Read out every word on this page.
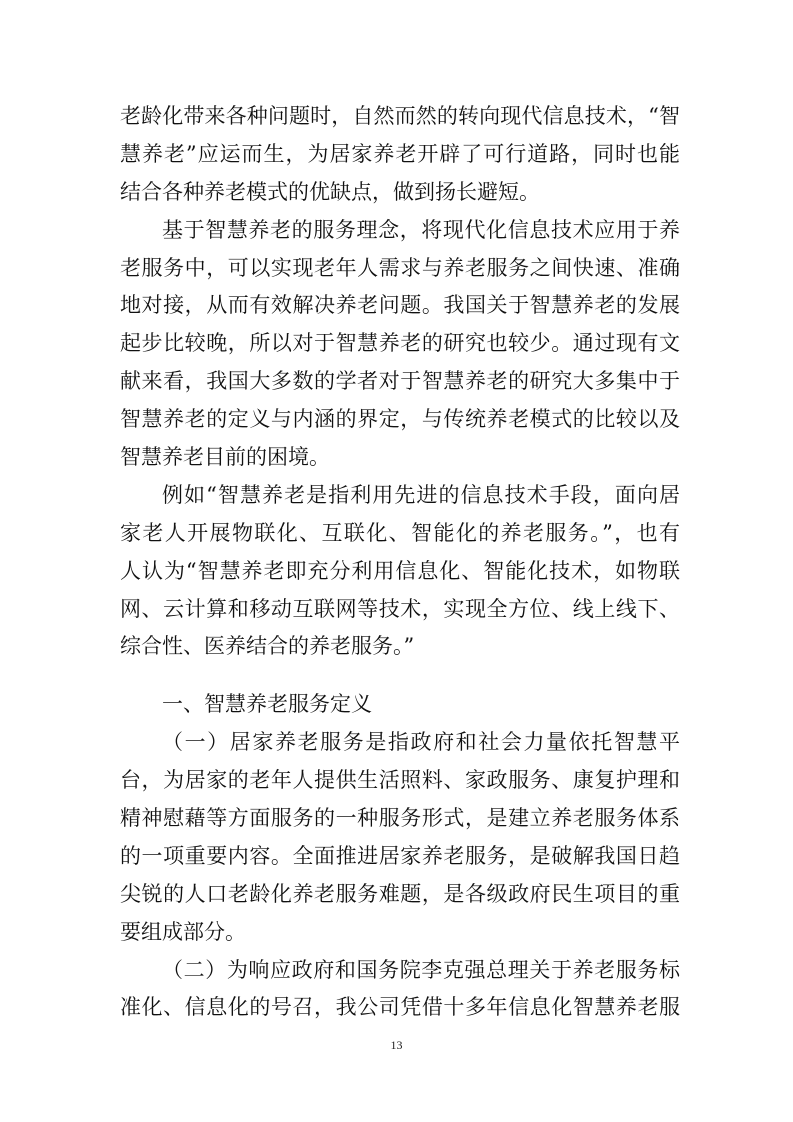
老龄化带来各种问题时，自然而然的转向现代信息技术，“智
慧养老”应运而生，为居家养老开辟了可行道路，同时也能
结合各种养老模式的优缺点，做到扬长避短。
基于智慧养老的服务理念，将现代化信息技术应用于养
老服务中，可以实现老年人需求与养老服务之间快速、准确
地对接，从而有效解决养老问题。我国关于智慧养老的发展
起步比较晚，所以对于智慧养老的研究也较少。通过现有文
献来看，我国大多数的学者对于智慧养老的研究大多集中于
智慧养老的定义与内涵的界定，与传统养老模式的比较以及
智慧养老目前的困境。
例如“智慧养老是指利用先进的信息技术手段，面向居
家老人开展物联化、互联化、智能化的养老服务。”，也有
人认为“智慧养老即充分利用信息化、智能化技术，如物联
网、云计算和移动互联网等技术，实现全方位、线上线下、
综合性、医养结合的养老服务。”
一、智慧养老服务定义
（一）居家养老服务是指政府和社会力量依托智慧平
台，为居家的老年人提供生活照料、家政服务、康复护理和
精神慰藉等方面服务的一种服务形式，是建立养老服务体系
的一项重要内容。全面推进居家养老服务，是破解我国日趋
尖锐的人口老龄化养老服务难题，是各级政府民生项目的重
要组成部分。
（二）为响应政府和国务院李克强总理关于养老服务标
准化、信息化的号召，我公司凭借十多年信息化智慧养老服
13
